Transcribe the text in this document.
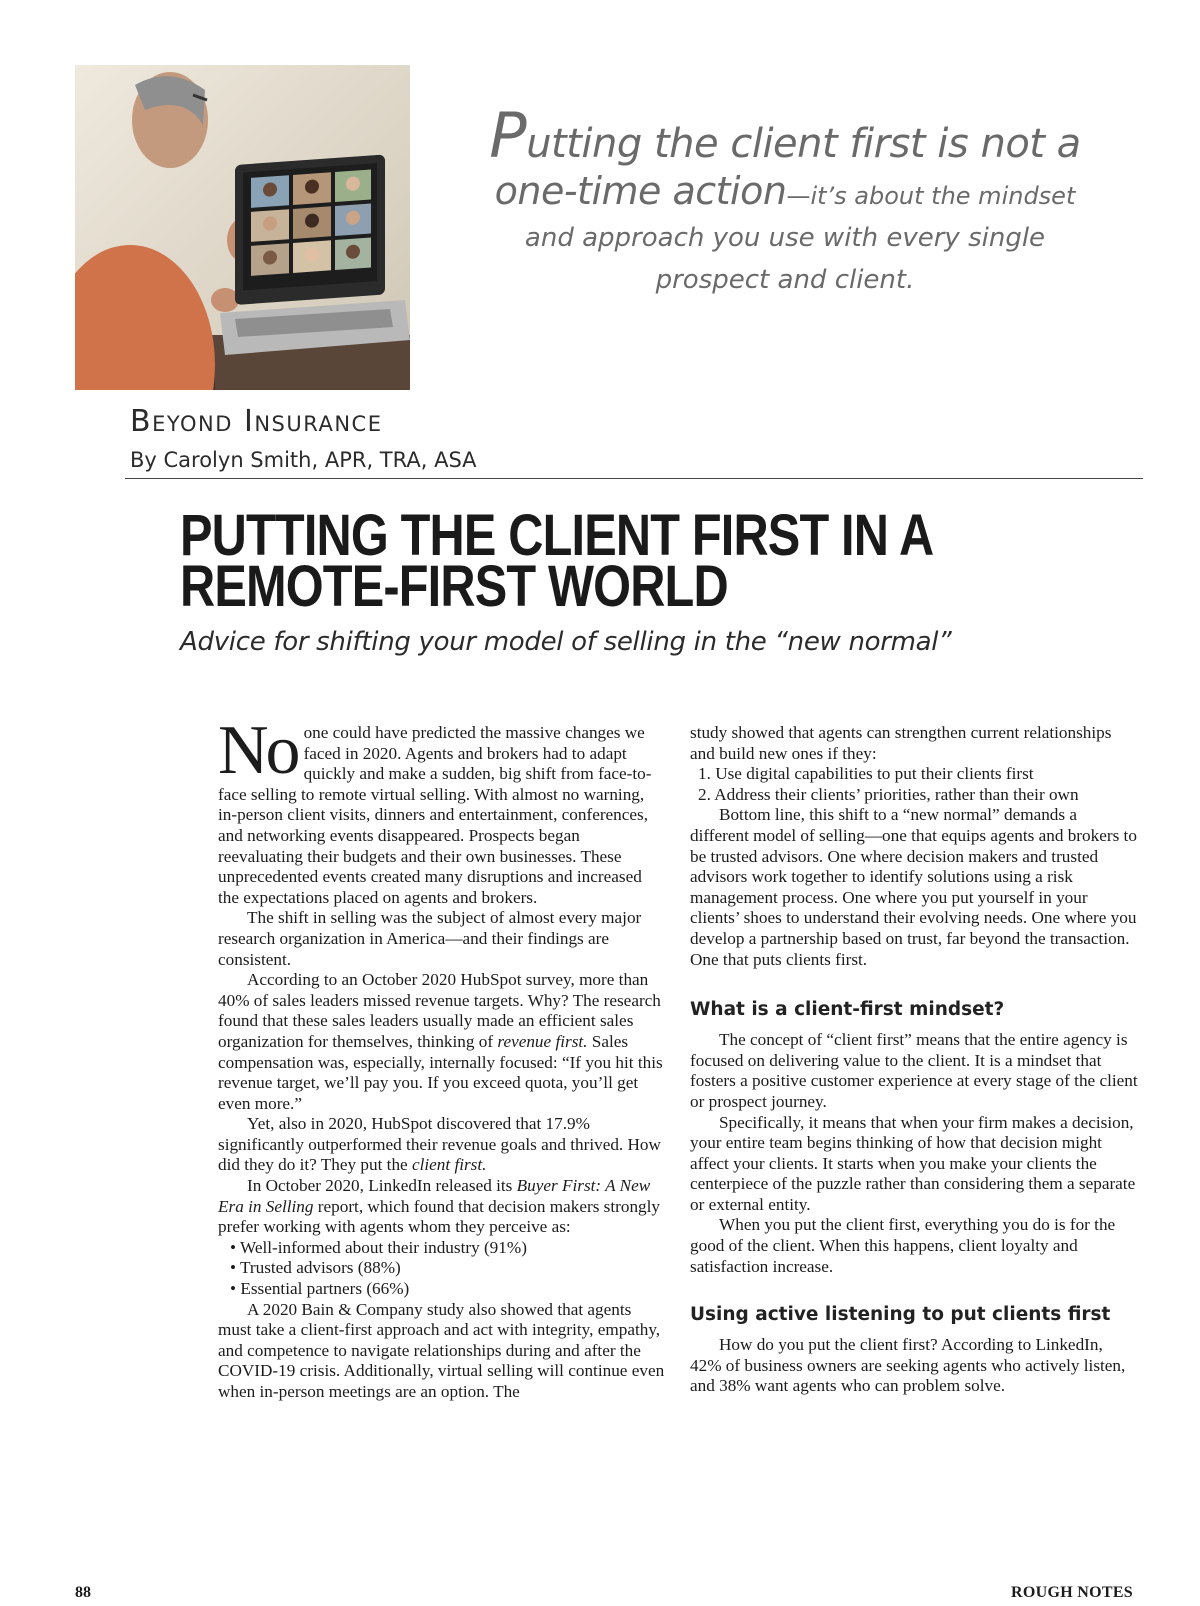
Putting the client first is not a
one-time action—it’s about the mindset
and approach you use with every single
prospect and client.
Beyond Insurance
By Carolyn Smith, APR, TRA, ASA
PUTTING THE CLIENT FIRST IN A
REMOTE-FIRST WORLD
Advice for shifting your model of selling in the “new normal”

No one could have predicted the massive changes we faced in 2020. Agents and brokers had to adapt quickly and make a sudden, big shift from face-to-face selling to remote virtual selling. With almost no warning, in-person client visits, dinners and entertainment, conferences, and networking events disappeared. Prospects began reevaluating their budgets and their own businesses. These unprecedented events created many disruptions and increased the expectations placed on agents and brokers.

The shift in selling was the subject of almost every major research organization in America—and their findings are consistent.

According to an October 2020 HubSpot survey, more than 40% of sales leaders missed revenue targets. Why? The research found that these sales leaders usually made an efficient sales organization for themselves, thinking of revenue first. Sales compensation was, especially, internally focused: “If you hit this revenue target, we’ll pay you. If you exceed quota, you’ll get even more.”

Yet, also in 2020, HubSpot discovered that 17.9% significantly outperformed their revenue goals and thrived. How did they do it? They put the client first.

In October 2020, LinkedIn released its Buyer First: A New Era in Selling report, which found that decision makers strongly prefer working with agents whom they perceive as:

• Well-informed about their industry (91%)
• Trusted advisors (88%)
• Essential partners (66%)

A 2020 Bain & Company study also showed that agents must take a client-first approach and act with integrity, empathy, and competence to navigate relationships during and after the COVID-19 crisis. Additionally, virtual selling will continue even when in-person meetings are an option. The

study showed that agents can strengthen current relationships and build new ones if they:

1. Use digital capabilities to put their clients first
2. Address their clients’ priorities, rather than their own

Bottom line, this shift to a “new normal” demands a different model of selling—one that equips agents and brokers to be trusted advisors. One where decision makers and trusted advisors work together to identify solutions using a risk management process. One where you put yourself in your clients’ shoes to understand their evolving needs. One where you develop a partnership based on trust, far beyond the transaction. One that puts clients first.

What is a client-first mindset?

The concept of “client first” means that the entire agency is focused on delivering value to the client. It is a mindset that fosters a positive customer experience at every stage of the client or prospect journey.

Specifically, it means that when your firm makes a decision, your entire team begins thinking of how that decision might affect your clients. It starts when you make your clients the centerpiece of the puzzle rather than considering them a separate or external entity.

When you put the client first, everything you do is for the good of the client. When this happens, client loyalty and satisfaction increase.

Using active listening to put clients first

How do you put the client first? According to LinkedIn, 42% of business owners are seeking agents who actively listen, and 38% want agents who can problem solve.

88	ROUGH NOTES
